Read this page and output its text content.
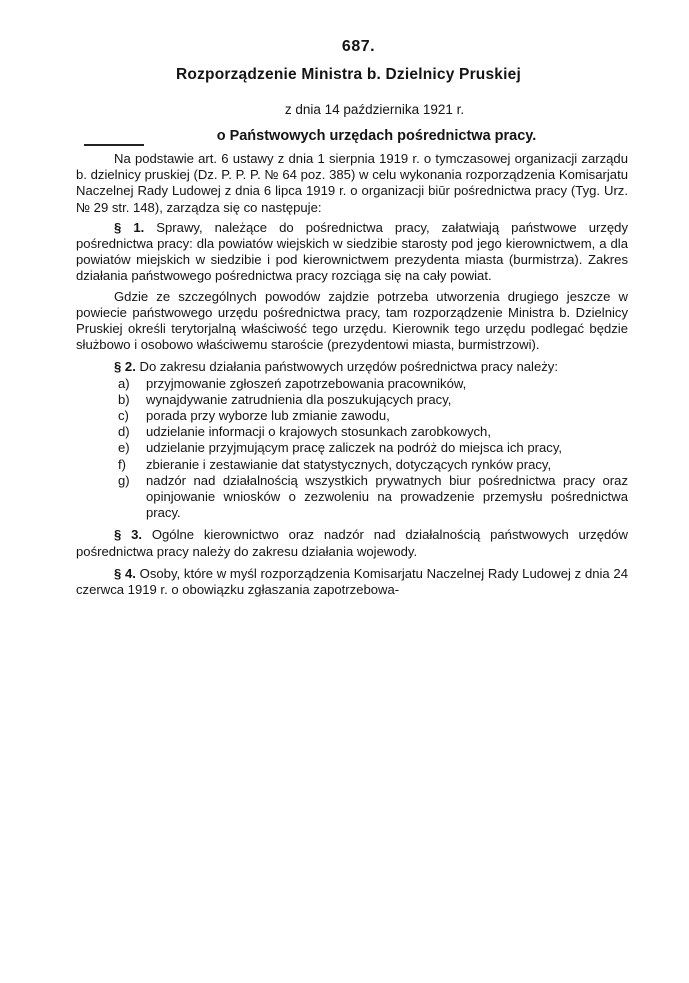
687.
Rozporządzenie Ministra b. Dzielnicy Pruskiej
z dnia 14 października 1921 r.
o Państwowych urzędach pośrednictwa pracy.

Na podstawie art. 6 ustawy z dnia 1 sierpnia 1919 r. o tymczasowej organizacji zarządu b. dzielnicy pruskiej (Dz. P. P. P. № 64 poz. 385) w celu wykonania rozporządzenia Komisarjatu Naczelnej Rady Ludowej z dnia 6 lipca 1919 r. o organizacji biūr pośrednictwa pracy (Tyg. Urz. № 29 str. 148), zarządza się co następuje:

§ 1. Sprawy, należące do pośrednictwa pracy, załatwiają państwowe urzędy pośrednictwa pracy: dla powiatów wiejskich w siedzibie starosty pod jego kierownictwem, a dla powiatów miejskich w siedzibie i pod kierownictwem prezydenta miasta (burmistrza). Zakres działania państwowego pośrednictwa pracy rozciąga się na cały powiat.

Gdzie ze szczególnych powodów zajdzie potrzeba utworzenia drugiego jeszcze w powiecie państwowego urzędu pośrednictwa pracy, tam rozporządzenie Ministra b. Dzielnicy Pruskiej określi terytorjalną właściwość tego urzędu. Kierownik tego urzędu podlegać będzie służbowo i osobowo właściwemu staroście (prezydentowi miasta, burmistrzowi).

§ 2. Do zakresu działania państwowych urzędów pośrednictwa pracy należy:

a)	przyjmowanie zgłoszeń zapotrzebowania pracowników,
b)	wynajdywanie zatrudnienia dla poszukujących pracy,
c)	porada przy wyborze lub zmianie zawodu,
d)	udzielanie informacji o krajowych stosunkach zarobkowych,
e)	udzielanie przyjmującym pracę zaliczek na podróż do miejsca ich pracy,
f)	zbieranie i zestawianie dat statystycznych, dotyczących rynków pracy,
g)	nadzór nad działalnością wszystkich prywatnych biur pośrednictwa pracy oraz opinjowanie wniosków o zezwoleniu na prowadzenie przemysłu pośrednictwa pracy.

§ 3. Ogólne kierownictwo oraz nadzór nad działalnością państwowych urzędów pośrednictwa pracy należy do zakresu działania wojewody.

§ 4. Osoby, które w myśl rozporządzenia Komisarjatu Naczelnej Rady Ludowej z dnia 24 czerwca 1919 r. o obowiązku zgłaszania zapotrzebowa-
